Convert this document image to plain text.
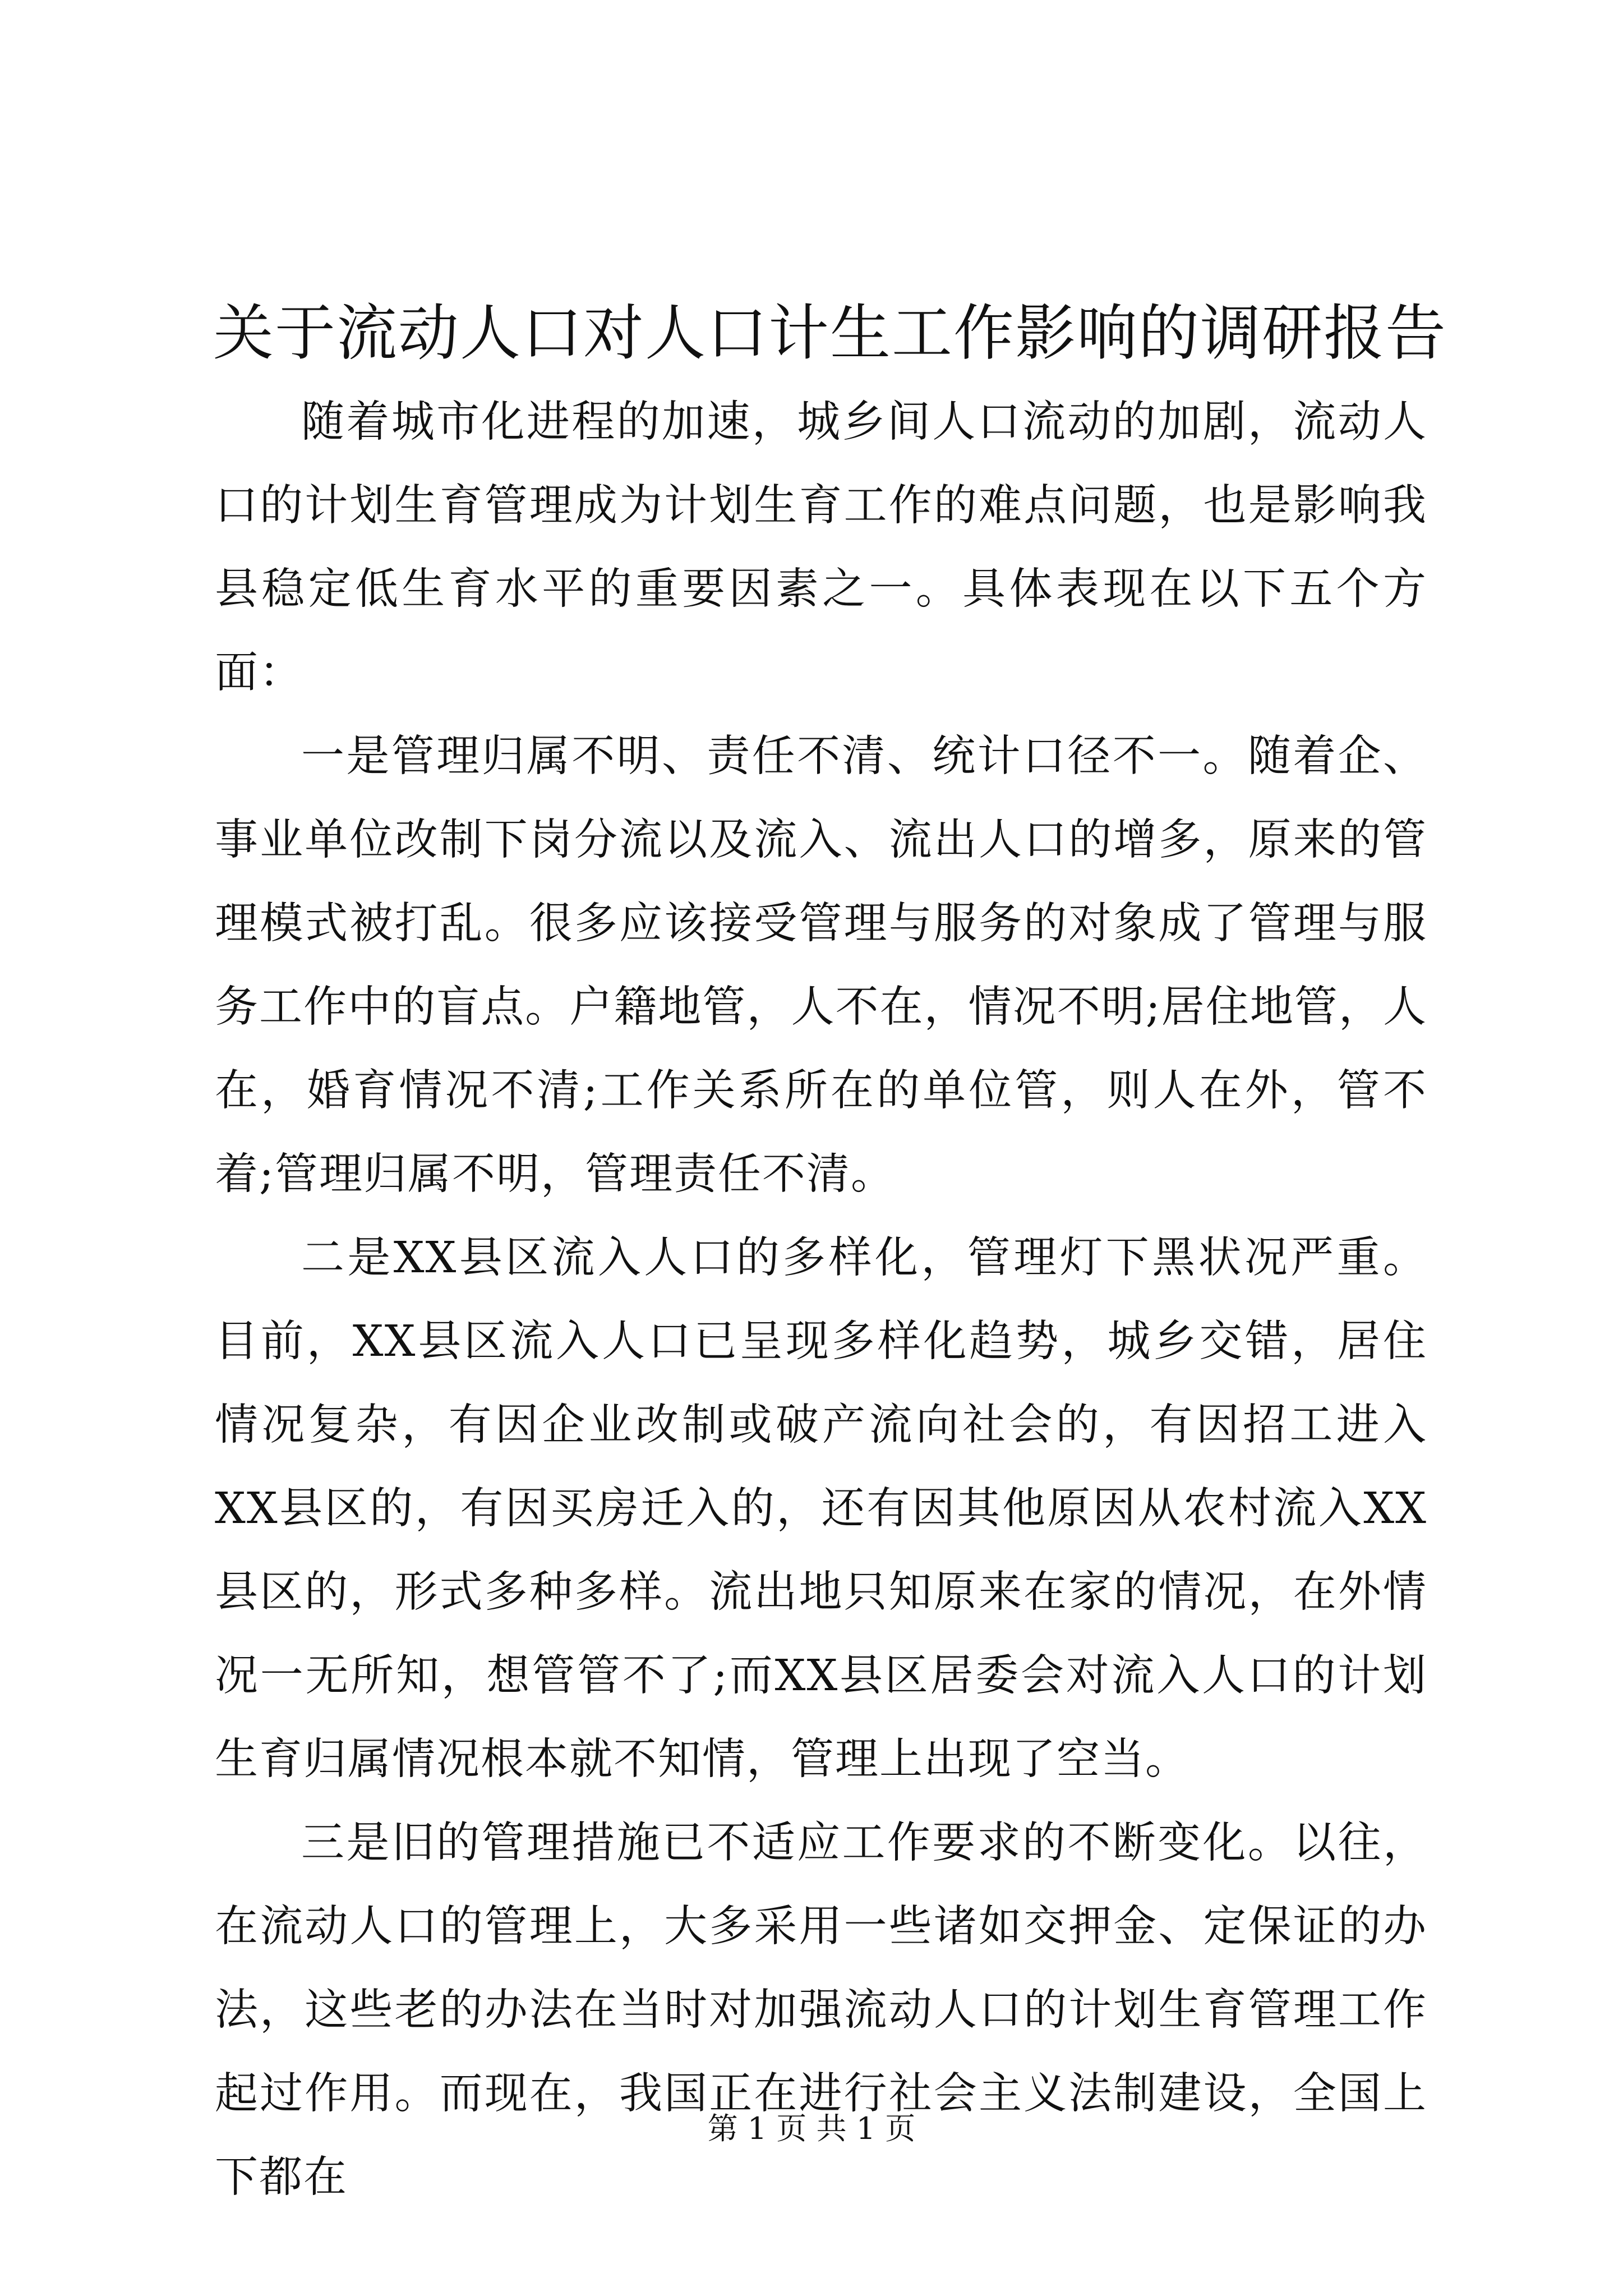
关于流动人口对人口计生工作影响的调研报告

随着城市化进程的加速，城乡间人口流动的加剧，流动人口的计划生育管理成为计划生育工作的难点问题，也是影响我县稳定低生育水平的重要因素之一。具体表现在以下五个方面：

一是管理归属不明、责任不清、统计口径不一。随着企、事业单位改制下岗分流以及流入、流出人口的增多，原来的管理模式被打乱。很多应该接受管理与服务的对象成了管理与服务工作中的盲点。户籍地管，人不在，情况不明;居住地管，人在，婚育情况不清;工作关系所在的单位管，则人在外，管不着;管理归属不明，管理责任不清。

二是XX县区流入人口的多样化，管理灯下黑状况严重。目前，XX县区流入人口已呈现多样化趋势，城乡交错，居住情况复杂，有因企业改制或破产流向社会的，有因招工进入XX县区的，有因买房迁入的，还有因其他原因从农村流入XX县区的，形式多种多样。流出地只知原来在家的情况，在外情况一无所知，想管管不了;而XX县区居委会对流入人口的计划生育归属情况根本就不知情，管理上出现了空当。

三是旧的管理措施已不适应工作要求的不断变化。以往，在流动人口的管理上，大多采用一些诸如交押金、定保证的办法，这些老的办法在当时对加强流动人口的计划生育管理工作起过作用。而现在，我国正在进行社会主义法制建设，全国上下都在

第 1 页 共 1 页
